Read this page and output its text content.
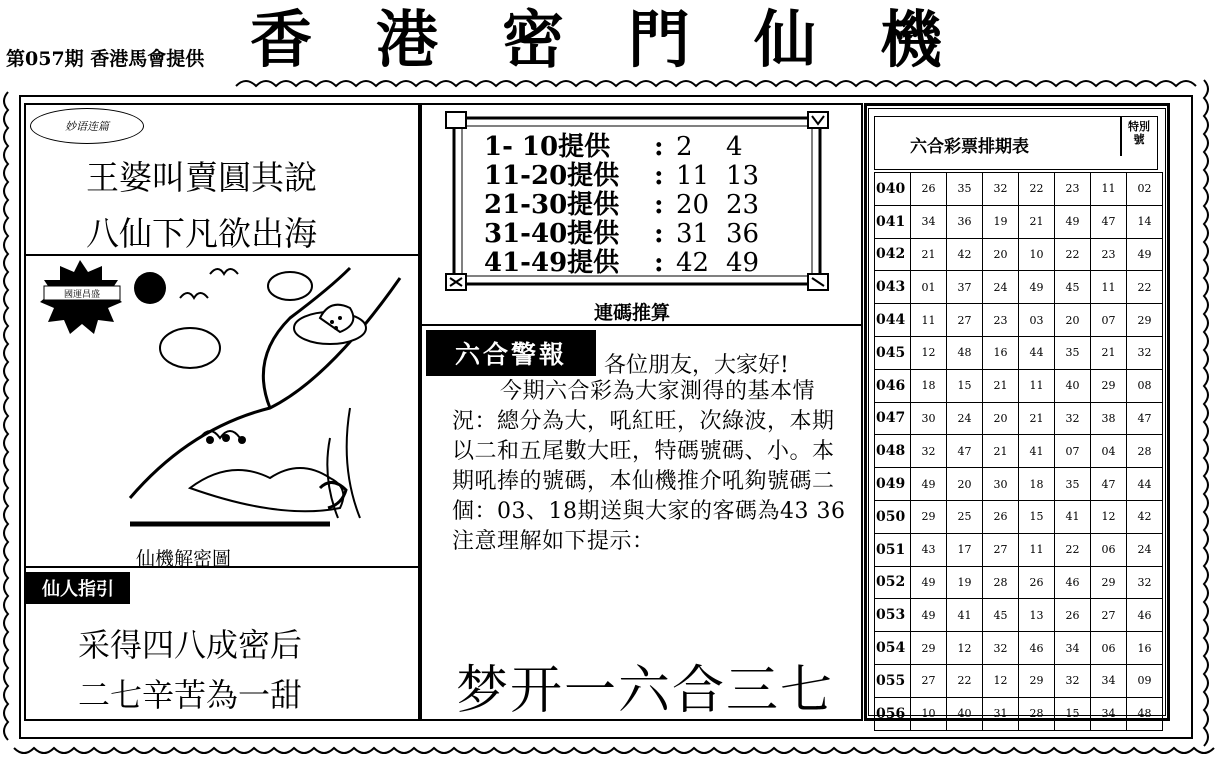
第057期 香港馬會提供 香港密門仙機
妙语连篇
王婆叫賣圓其說
八仙下凡欲出海
國運昌盛
仙機解密圖
仙人指引
采得四八成密后
二七辛苦為一甜
1- 10提供	: 2	4
11-20提供	: 11 13
21-30提供	: 20 23
31-40提供	: 31 36
41-49提供	: 42 49
連碼推算
六合警報	各位朋友，大家好!
今期六合彩為大家測得的基本情況：總分為大，吼紅旺，次綠波，本期以二和五尾數大旺，特碼號碼、小。本期吼捧的號碼，本仙機推介吼夠號碼二個：03、18期送與大家的客碼為43 36注意理解如下提示：
梦开一六合三七
六合彩票排期表
特別號
040	26	35	32	22	23	11	02
041	34	36	19	21	49	47	14
042	21	42	20	10	22	23	49
043	01	37	24	49	45	11	22
044	11	27	23	03	20	07	29
045	12	48	16	44	35	21	32
046	18	15	21	11	40	29	08
047	30	24	20	21	32	38	47
048	32	47	21	41	07	04	28
049	49	20	30	18	35	47	44
050	29	25	26	15	41	12	42
051	43	17	27	11	22	06	24
052	49	19	28	26	46	29	32
053	49	41	45	13	26	27	46
054	29	12	32	46	34	06	16
055	27	22	12	29	32	34	09
056	10	40	31	28	15	34	48
